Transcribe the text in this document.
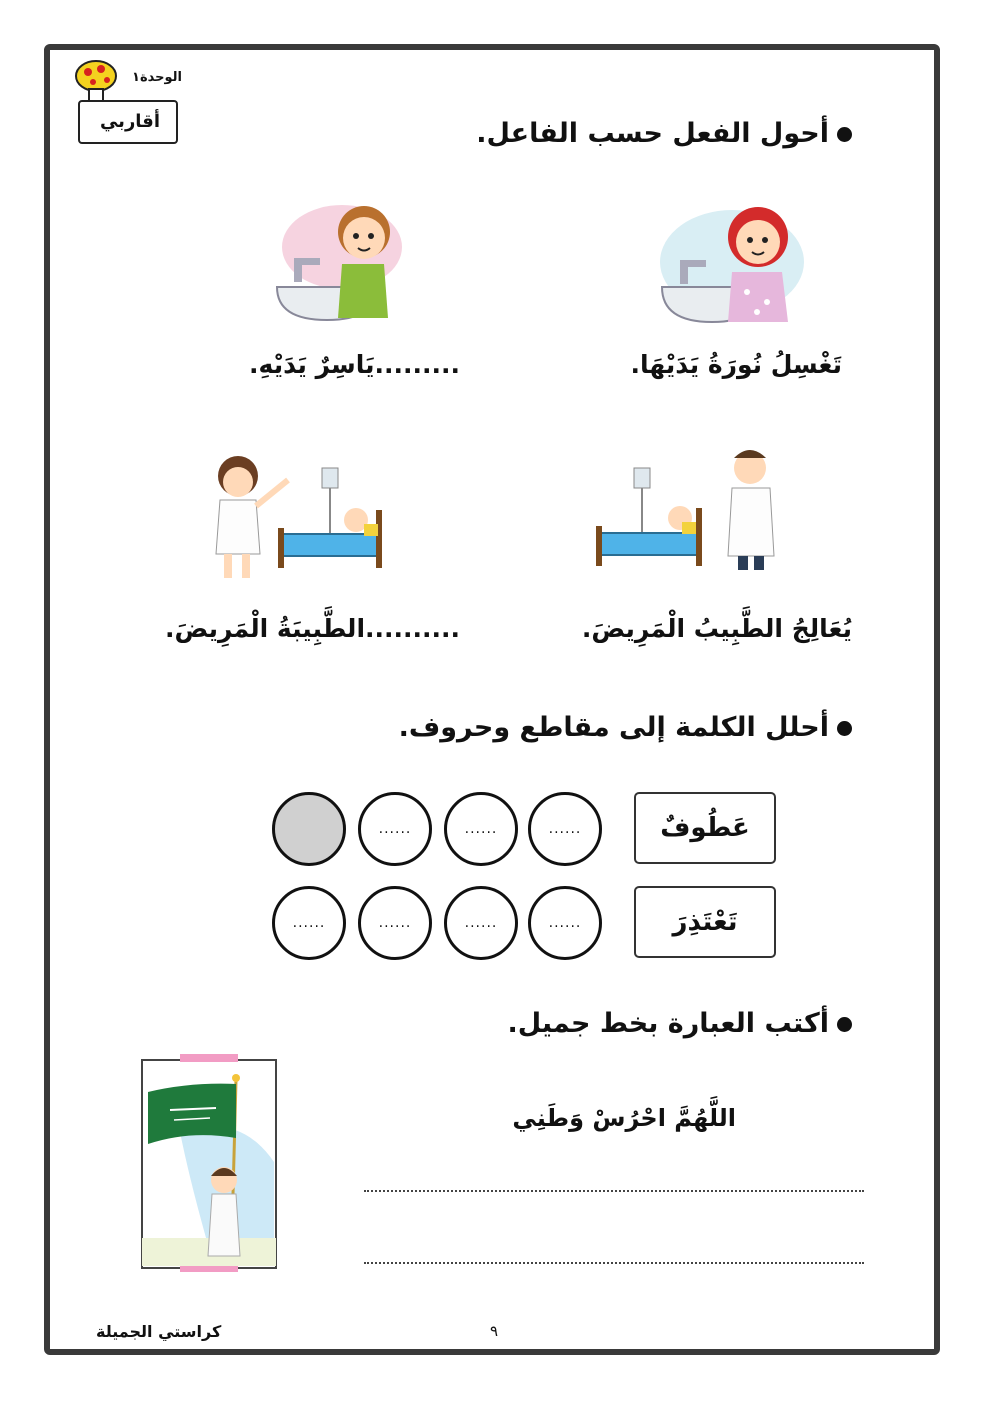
الوحدة١
أقاربي	أحول الفعل حسب الفاعل.
تَغْسِلُ نُورَةُ يَدَيْهَا.
.........يَاسِرٌ يَدَيْهِ.
يُعَالِجُ الطَّبِيبُ الْمَرِيضَ.
..........الطَّبِيبَةُ الْمَرِيضَ.
أحلل الكلمة إلى مقاطع وحروف.
عَطُوفٌ
تَعْتَذِرَ
......
......
......
......
......
......
......
أكتب العبارة بخط جميل.
اللَّهُمَّ احْرُسْ وَطَنِي
كراستي الجميلة	٩
